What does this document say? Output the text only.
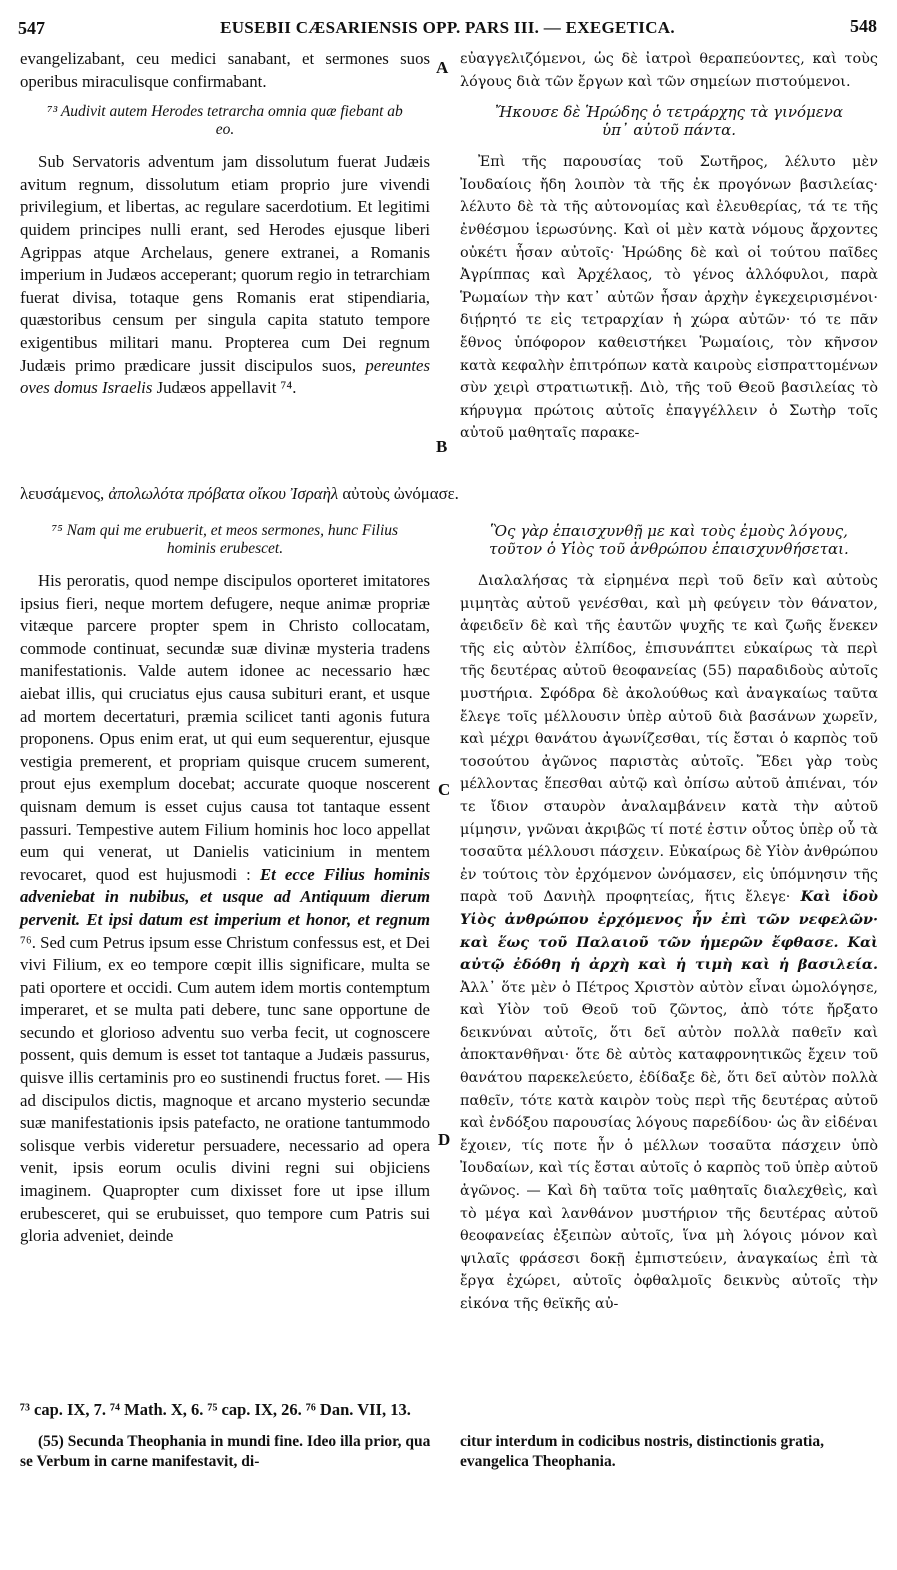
547	EUSEBII CÆSARIENSIS OPP. PARS III. — EXEGETICA.	548

evangelizabant, ceu medici sanabant, et sermones suos operibus miraculisque confirmabant.

⁷³ Audivit autem Herodes tetrarcha omnia quæ fiebant ab eo.

Sub Servatoris adventum jam dissolutum fuerat Judæis avitum regnum, dissolutum etiam proprio jure vivendi privilegium, et libertas, ac regulare sacerdotium. Et legitimi quidem principes nulli erant, sed Herodes ejusque liberi Agrippas atque Archelaus, genere extranei, a Romanis imperium in Judæos acceperant; quorum regio in tetrarchiam fuerat divisa, totaque gens Romanis erat stipendiaria, quæstoribus censum per singula capita statuto tempore exigentibus militari manu. Propterea cum Dei regnum Judæis primo prædicare jussit discipulos suos, pereuntes oves domus Israelis Judæos appellavit ⁷⁴.

εὐαγγελιζόμενοι, ὡς δὲ ἰατροὶ θεραπεύοντες, καὶ τοὺς λόγους διὰ τῶν ἔργων καὶ τῶν σημείων πιστούμενοι.

Ἤκουσε δὲ Ἡρώδης ὁ τετράρχης τὰ γινόμενα ὑπ᾽ αὐτοῦ πάντα.

Ἐπὶ τῆς παρουσίας τοῦ Σωτῆρος, λέλυτο μὲν Ἰουδαίοις ἤδη λοιπὸν τὰ τῆς ἐκ προγόνων βασιλείας· λέλυτο δὲ τὰ τῆς αὐτονομίας καὶ ἐλευθερίας, τά τε τῆς ἐνθέσμου ἱερωσύνης. Καὶ οἱ μὲν κατὰ νόμους ἄρχοντες οὐκέτι ἦσαν αὐτοῖς· Ἡρώδης δὲ καὶ οἱ τούτου παῖδες Ἀγρίππας καὶ Ἀρχέλαος, τὸ γένος ἀλλόφυλοι, παρὰ Ῥωμαίων τὴν κατ᾽ αὐτῶν ἦσαν ἀρχὴν ἐγκεχειρισμένοι· διῄρητό τε εἰς τετραρχίαν ἡ χώρα αὐτῶν· τό τε πᾶν ἔθνος ὑπόφορον καθειστήκει Ῥωμαίοις, τὸν κῆνσον κατὰ κεφαλὴν ἐπιτρόπων κατὰ καιροὺς εἰσπραττομένων σὺν χειρὶ στρατιωτικῇ. Διὸ, τῆς τοῦ Θεοῦ βασιλείας τὸ κήρυγμα πρώτοις αὐτοῖς ἐπαγγέλλειν ὁ Σωτὴρ τοῖς αὐτοῦ μαθηταῖς παρακε-

λευσάμενος, ἀπολωλότα πρόβατα οἴκου Ἰσραὴλ αὐτοὺς ὠνόμασε.
⁷⁵ Nam qui me erubuerit, et meos sermones, hunc Filius hominis erubescet.

His peroratis, quod nempe discipulos oporteret imitatores ipsius fieri, neque mortem defugere, neque animæ propriæ vitæque parcere propter spem in Christo collocatam, commode continuat, secundæ suæ divinæ mysteria tradens manifestationis. Valde autem idonee ac necessario hæc aiebat illis, qui cruciatus ejus causa subituri erant, et usque ad mortem decertaturi, præmia scilicet tanti agonis futura proponens. Opus enim erat, ut qui eum sequerentur, ejusque vestigia premerent, et propriam quisque crucem sumerent, prout ejus exemplum docebat; accurate quoque noscerent quisnam demum is esset cujus causa tot tantaque essent passuri. Tempestive autem Filium hominis hoc loco appellat eum qui venerat, ut Danielis vaticinium in mentem revocaret, quod est hujusmodi : Et ecce Filius hominis adveniebat in nubibus, et usque ad Antiquum dierum pervenit. Et ipsi datum est imperium et honor, et regnum ⁷⁶. Sed cum Petrus ipsum esse Christum confessus est, et Dei vivi Filium, ex eo tempore cœpit illis significare, multa se pati oportere et occidi. Cum autem idem mortis contemptum imperaret, et se multa pati debere, tunc sane opportune de secundo et glorioso adventu suo verba fecit, ut cognoscere possent, quis demum is esset tot tantaque a Judæis passurus, quisve illis certaminis pro eo sustinendi fructus foret. — His ad discipulos dictis, magnoque et arcano mysterio secundæ suæ manifestationis ipsis patefacto, ne oratione tantummodo solisque verbis videretur persuadere, necessario ad opera venit, ipsis eorum oculis divini regni sui objiciens imaginem. Quapropter cum dixisset fore ut ipse illum erubesceret, qui se erubuisset, quo tempore cum Patris sui gloria adveniet, deinde

Ὃς γὰρ ἐπαισχυνθῇ με καὶ τοὺς ἐμοὺς λόγους, τοῦτον ὁ Υἱὸς τοῦ ἀνθρώπου ἐπαισχυνθήσεται.

Διαλαλήσας τὰ εἰρημένα περὶ τοῦ δεῖν καὶ αὐτοὺς μιμητὰς αὐτοῦ γενέσθαι, καὶ μὴ φεύγειν τὸν θάνατον, ἀφειδεῖν δὲ καὶ τῆς ἑαυτῶν ψυχῆς τε καὶ ζωῆς ἕνεκεν τῆς εἰς αὐτὸν ἐλπίδος, ἐπισυνάπτει εὐκαίρως τὰ περὶ τῆς δευτέρας αὐτοῦ θεοφανείας (55) παραδιδοὺς αὐτοῖς μυστήρια. Σφόδρα δὲ ἀκολούθως καὶ ἀναγκαίως ταῦτα ἔλεγε τοῖς μέλλουσιν ὑπὲρ αὐτοῦ διὰ βασάνων χωρεῖν, καὶ μέχρι θανάτου ἀγωνίζεσθαι, τίς ἔσται ὁ καρπὸς τοῦ τοσούτου ἀγῶνος παριστὰς αὐτοῖς. Ἔδει γὰρ τοὺς μέλλοντας ἕπεσθαι αὐτῷ καὶ ὀπίσω αὐτοῦ ἀπιέναι, τόν τε ἴδιον σταυρὸν ἀναλαμβάνειν κατὰ τὴν αὐτοῦ μίμησιν, γνῶναι ἀκριβῶς τί ποτέ ἐστιν οὗτος ὑπὲρ οὗ τὰ τοσαῦτα μέλλουσι πάσχειν. Εὐκαίρως δὲ Υἱὸν ἀνθρώπου ἐν τούτοις τὸν ἐρχόμενον ὠνόμασεν, εἰς ὑπόμνησιν τῆς παρὰ τοῦ Δανιὴλ προφητείας, ἥτις ἔλεγε· Καὶ ἰδοὺ Υἱὸς ἀνθρώπου ἐρχόμενος ἦν ἐπὶ τῶν νεφελῶν· καὶ ἕως τοῦ Παλαιοῦ τῶν ἡμερῶν ἔφθασε. Καὶ αὐτῷ ἐδόθη ἡ ἀρχὴ καὶ ἡ τιμὴ καὶ ἡ βασιλεία. Ἀλλ᾽ ὅτε μὲν ὁ Πέτρος Χριστὸν αὐτὸν εἶναι ὡμολόγησε, καὶ Υἱὸν τοῦ Θεοῦ τοῦ ζῶντος, ἀπὸ τότε ἤρξατο δεικνύναι αὐτοῖς, ὅτι δεῖ αὐτὸν πολλὰ παθεῖν καὶ ἀποκτανθῆναι· ὅτε δὲ αὐτὸς καταφρονητικῶς ἔχειν τοῦ θανάτου παρεκελεύετο, ἐδίδαξε δὲ, ὅτι δεῖ αὐτὸν πολλὰ παθεῖν, τότε κατὰ καιρὸν τοὺς περὶ τῆς δευτέρας αὐτοῦ καὶ ἐνδόξου παρουσίας λόγους παρεδίδου· ὡς ἂν εἰδέναι ἔχοιεν, τίς ποτε ἦν ὁ μέλλων τοσαῦτα πάσχειν ὑπὸ Ἰουδαίων, καὶ τίς ἔσται αὐτοῖς ὁ καρπὸς τοῦ ὑπὲρ αὐτοῦ ἀγῶνος. — Καὶ δὴ ταῦτα τοῖς μαθηταῖς διαλεχθεὶς, καὶ τὸ μέγα καὶ λανθάνον μυστήριον τῆς δευτέρας αὐτοῦ θεοφανείας ἐξειπὼν αὐτοῖς, ἵνα μὴ λόγοις μόνον καὶ ψιλαῖς φράσεσι δοκῇ ἐμπιστεύειν, ἀναγκαίως ἐπὶ τὰ ἔργα ἐχώρει, αὐτοῖς ὀφθαλμοῖς δεικνὺς αὐτοῖς τὴν εἰκόνα τῆς θεϊκῆς αὐ-

A
B
C
D
⁷³ cap. IX, 7. ⁷⁴ Math. X, 6. ⁷⁵ cap. IX, 26. ⁷⁶ Dan. VII, 13.
(55) Secunda Theophania in mundi fine. Ideo illa prior, qua se Verbum in carne manifestavit, di-
citur interdum in codicibus nostris, distinctionis gratia, evangelica Theophania.
